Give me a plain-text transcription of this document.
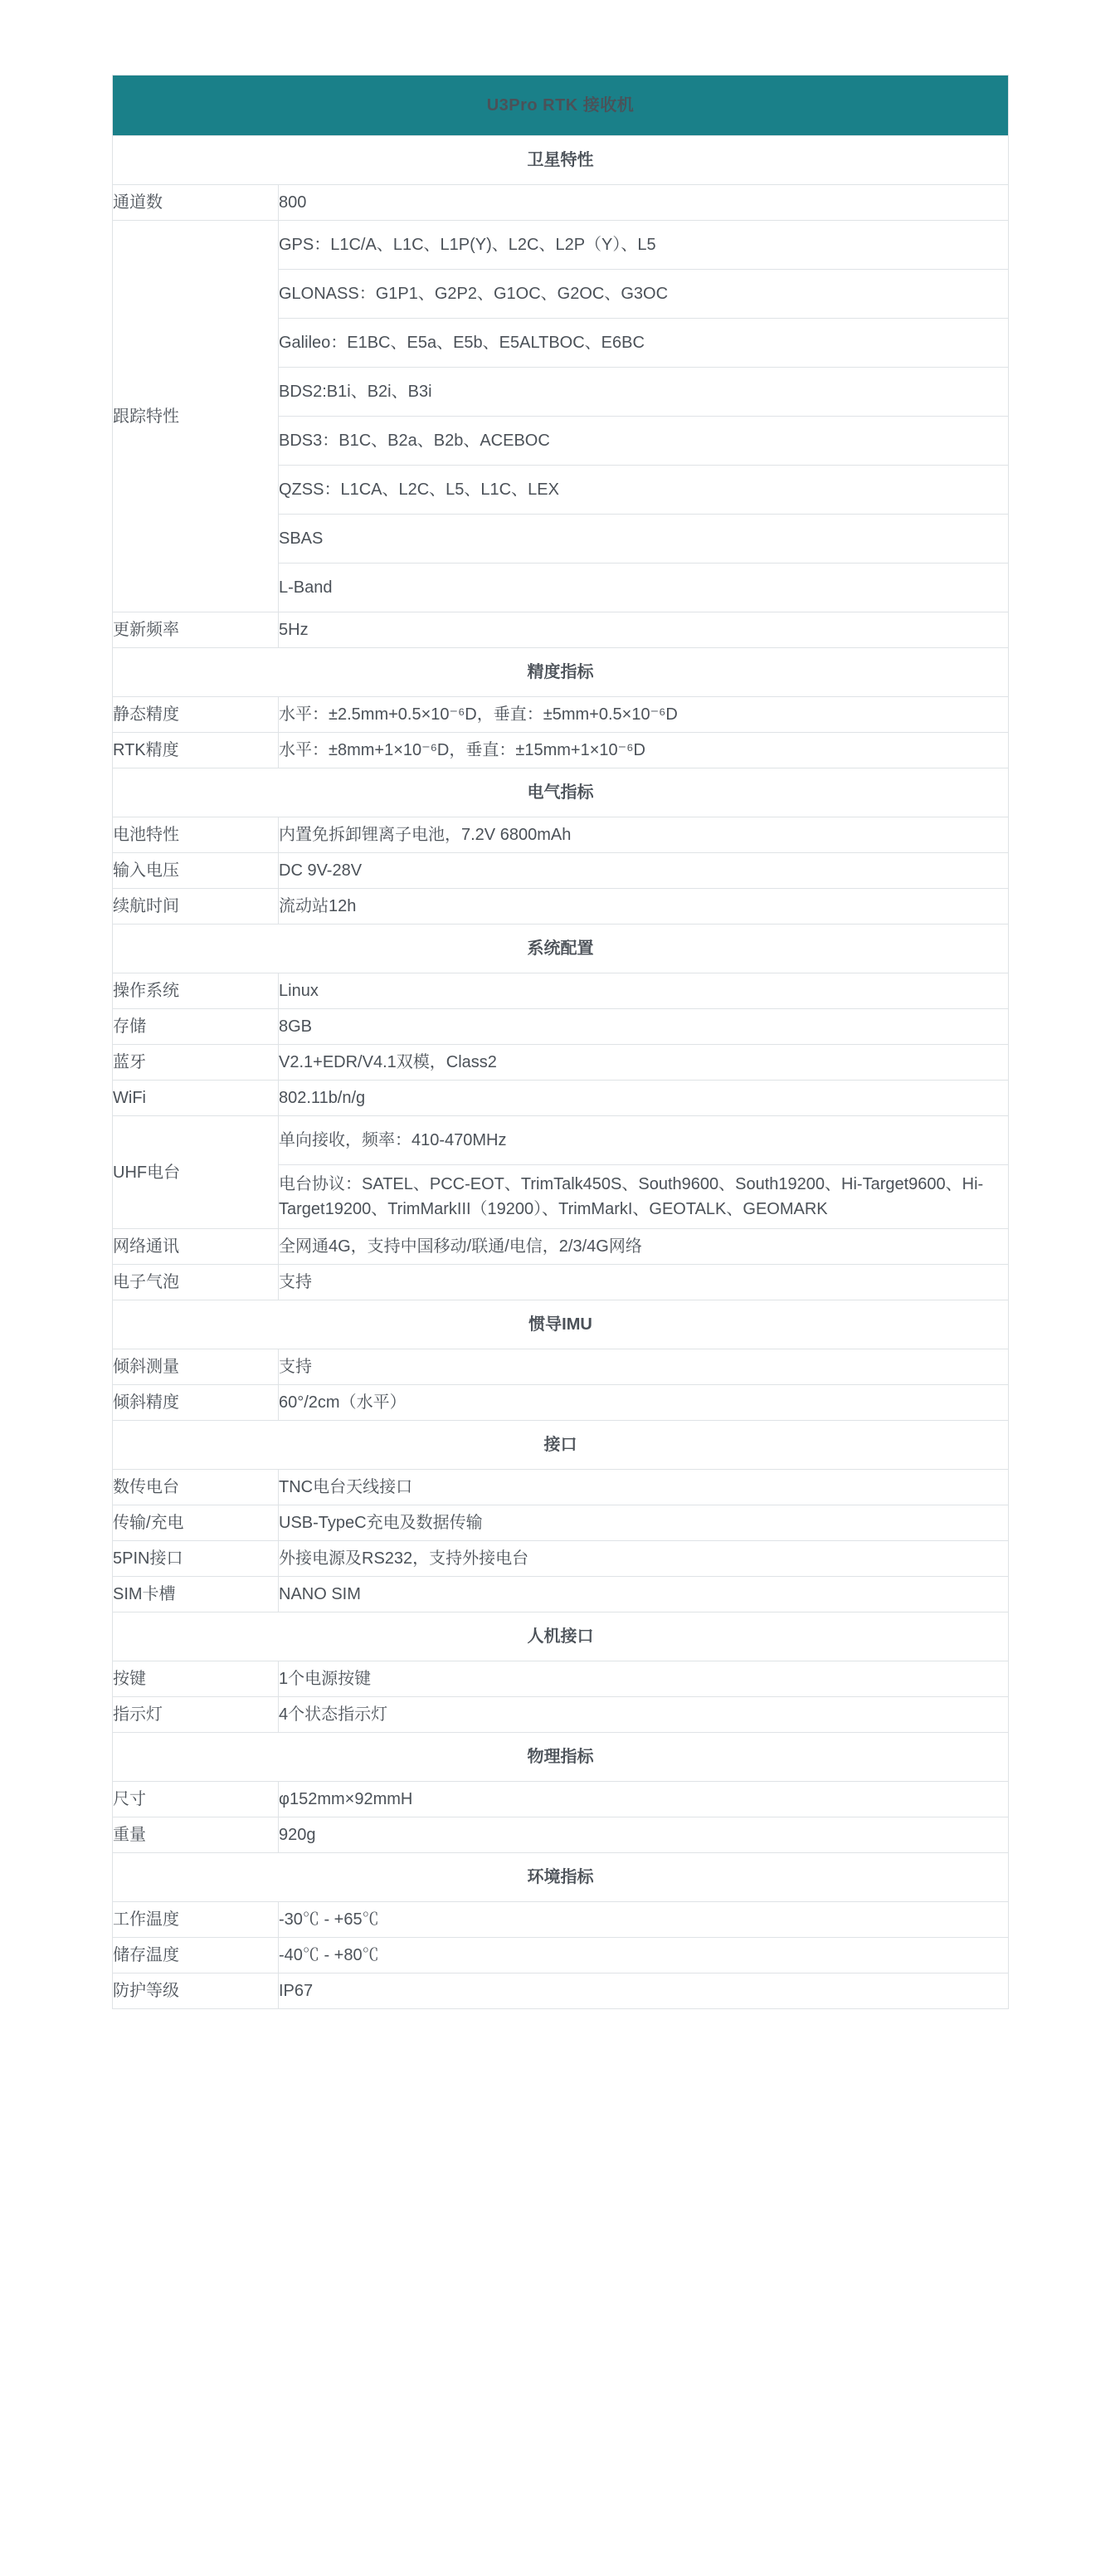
U3Pro RTK 接收机	
卫星特性	
通道数	800
跟踪特性	GPS：L1C/A、L1C、L1P(Y)、L2C、L2P（Y）、L5
	GLONASS：G1P1、G2P2、G1OC、G2OC、G3OC
	Galileo：E1BC、E5a、E5b、E5ALTBOC、E6BC
	BDS2:B1i、B2i、B3i
	BDS3：B1C、B2a、B2b、ACEBOC
	QZSS：L1CA、L2C、L5、L1C、LEX
	SBAS
	L-Band
更新频率	5Hz
精度指标	
静态精度	水平：±2.5mm+0.5×10⁻⁶D，垂直：±5mm+0.5×10⁻⁶D
RTK精度	水平：±8mm+1×10⁻⁶D，垂直：±15mm+1×10⁻⁶D
电气指标	
电池特性	内置免拆卸锂离子电池，7.2V 6800mAh
输入电压	DC 9V-28V
续航时间	流动站12h
系统配置	
操作系统	Linux
存储	8GB
蓝牙	V2.1+EDR/V4.1双模，Class2
WiFi	802.11b/n/g
UHF电台	单向接收，频率：410-470MHz
	电台协议：SATEL、PCC-EOT、TrimTalk450S、South9600、South19200、Hi-Target9600、Hi-Target19200、TrimMarkIII（19200）、TrimMarkI、GEOTALK、GEOMARK
网络通讯	全网通4G，支持中国移动/联通/电信，2/3/4G网络
电子气泡	支持
惯导IMU	
倾斜测量	支持
倾斜精度	60°/2cm（水平）
接口	
数传电台	TNC电台天线接口
传输/充电	USB-TypeC充电及数据传输
5PIN接口	外接电源及RS232，支持外接电台
SIM卡槽	NANO SIM
人机接口	
按键	1个电源按键
指示灯	4个状态指示灯
物理指标	
尺寸	φ152mm×92mmH
重量	920g
环境指标	
工作温度	-30℃ - +65℃
储存温度	-40℃ - +80℃
防护等级	IP67
